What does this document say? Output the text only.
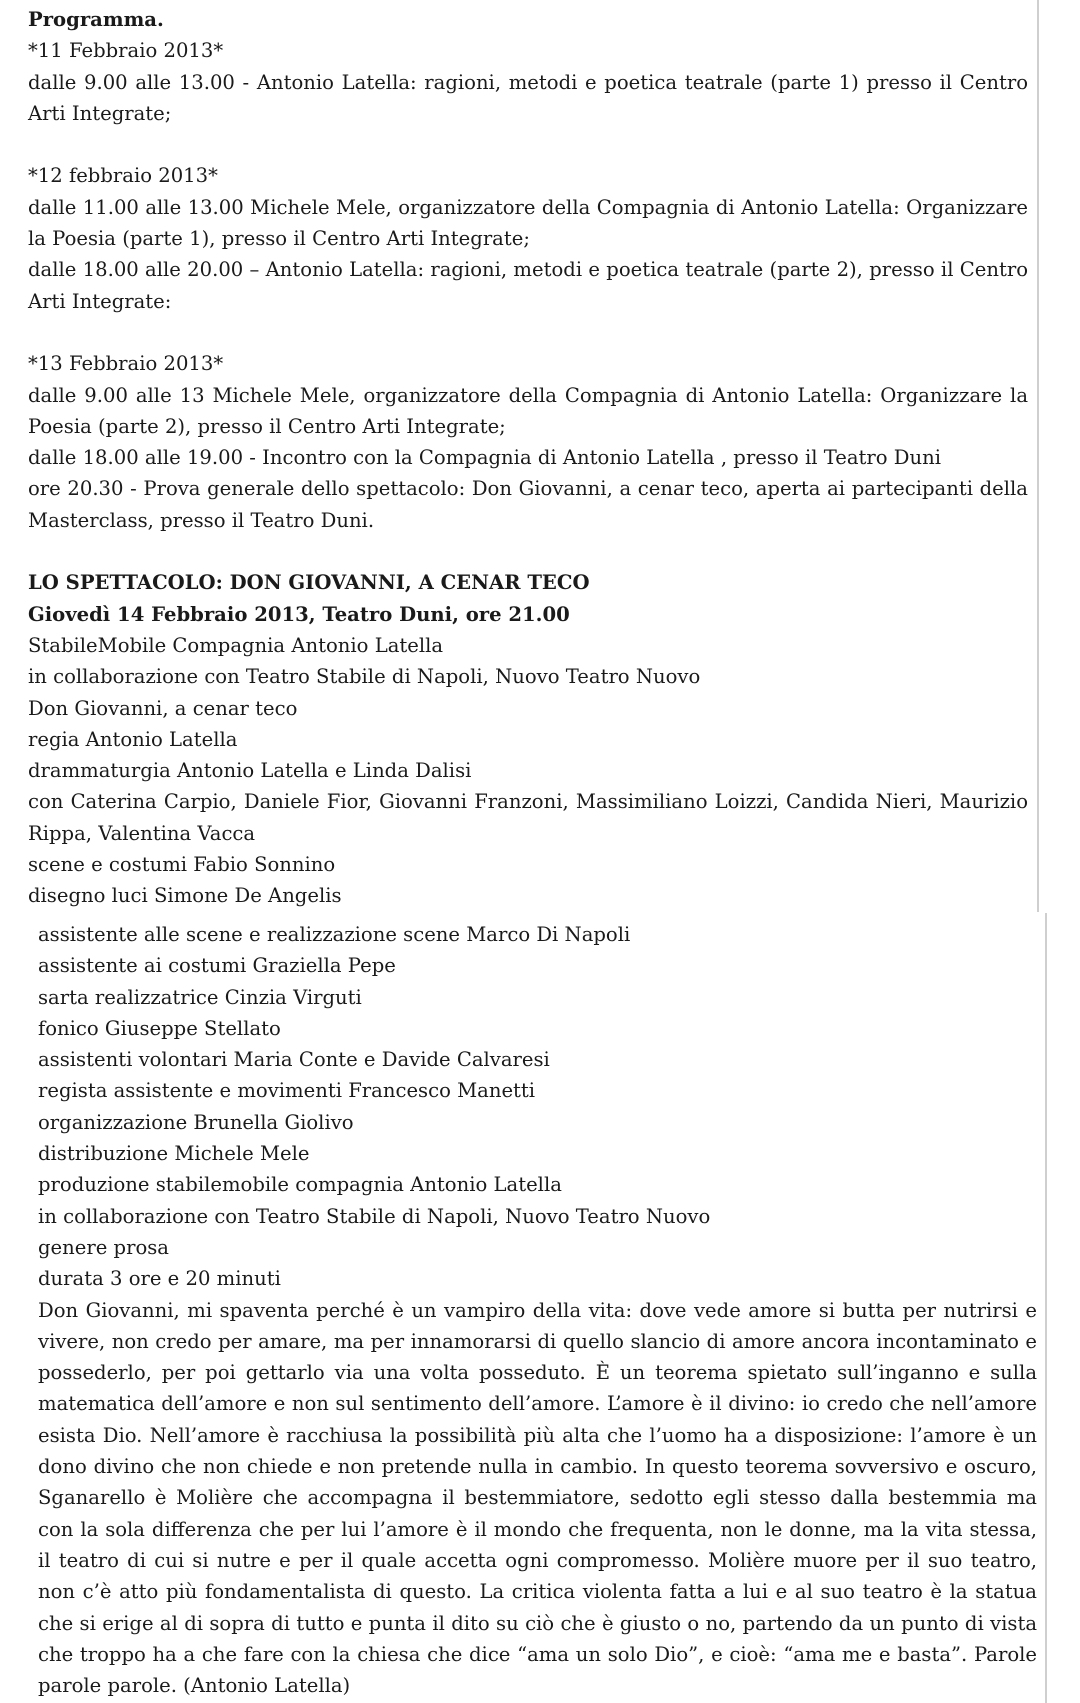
Programma.

*11 Febbraio 2013*

dalle 9.00 alle 13.00 - Antonio Latella: ragioni, metodi e poetica teatrale (parte 1) presso il Centro Arti Integrate;

*12 febbraio 2013*

dalle 11.00 alle 13.00 Michele Mele, organizzatore della Compagnia di Antonio Latella: Organizzare la Poesia (parte 1), presso il Centro Arti Integrate;

dalle 18.00 alle 20.00 – Antonio Latella: ragioni, metodi e poetica teatrale (parte 2), presso il Centro Arti Integrate:

*13 Febbraio 2013*

dalle 9.00 alle 13 Michele Mele, organizzatore della Compagnia di Antonio Latella: Organizzare la Poesia (parte 2), presso il Centro Arti Integrate;

dalle 18.00 alle 19.00 - Incontro con la Compagnia di Antonio Latella , presso il Teatro Duni

ore 20.30 - Prova generale dello spettacolo: Don Giovanni, a cenar teco, aperta ai partecipanti della Masterclass, presso il Teatro Duni.

LO SPETTACOLO: DON GIOVANNI, A CENAR TECO

Giovedì 14 Febbraio 2013, Teatro Duni, ore 21.00

StabileMobile Compagnia Antonio Latella

in collaborazione con Teatro Stabile di Napoli, Nuovo Teatro Nuovo

Don Giovanni, a cenar teco

regia Antonio Latella

drammaturgia Antonio Latella e Linda Dalisi

con Caterina Carpio, Daniele Fior, Giovanni Franzoni, Massimiliano Loizzi, Candida Nieri, Maurizio Rippa, Valentina Vacca

scene e costumi Fabio Sonnino

disegno luci Simone De Angelis

assistente alle scene e realizzazione scene Marco Di Napoli

assistente ai costumi Graziella Pepe

sarta realizzatrice Cinzia Virguti

fonico Giuseppe Stellato

assistenti volontari Maria Conte e Davide Calvaresi

regista assistente e movimenti Francesco Manetti

organizzazione Brunella Giolivo

distribuzione Michele Mele

produzione stabilemobile compagnia Antonio Latella

in collaborazione con Teatro Stabile di Napoli, Nuovo Teatro Nuovo

genere prosa

durata 3 ore e 20 minuti

Don Giovanni, mi spaventa perché è un vampiro della vita: dove vede amore si butta per nutrirsi e vivere, non credo per amare, ma per innamorarsi di quello slancio di amore ancora incontaminato e possederlo, per poi gettarlo via una volta posseduto. È un teorema spietato sull’inganno e sulla matematica dell’amore e non sul sentimento dell’amore. L’amore è il divino: io credo che nell’amore esista Dio. Nell’amore è racchiusa la possibilità più alta che l’uomo ha a disposizione: l’amore è un dono divino che non chiede e non pretende nulla in cambio. In questo teorema sovversivo e oscuro, Sganarello è Molière che accompagna il bestemmiatore, sedotto egli stesso dalla bestemmia ma con la sola differenza che per lui l’amore è il mondo che frequenta, non le donne, ma la vita stessa, il teatro di cui si nutre e per il quale accetta ogni compromesso. Molière muore per il suo teatro, non c’è atto più fondamentalista di questo. La critica violenta fatta a lui e al suo teatro è la statua che si erige al di sopra di tutto e punta il dito su ciò che è giusto o no, partendo da un punto di vista che troppo ha a che fare con la chiesa che dice “ama un solo Dio”, e cioè: “ama me e basta”. Parole parole parole. (Antonio Latella)
